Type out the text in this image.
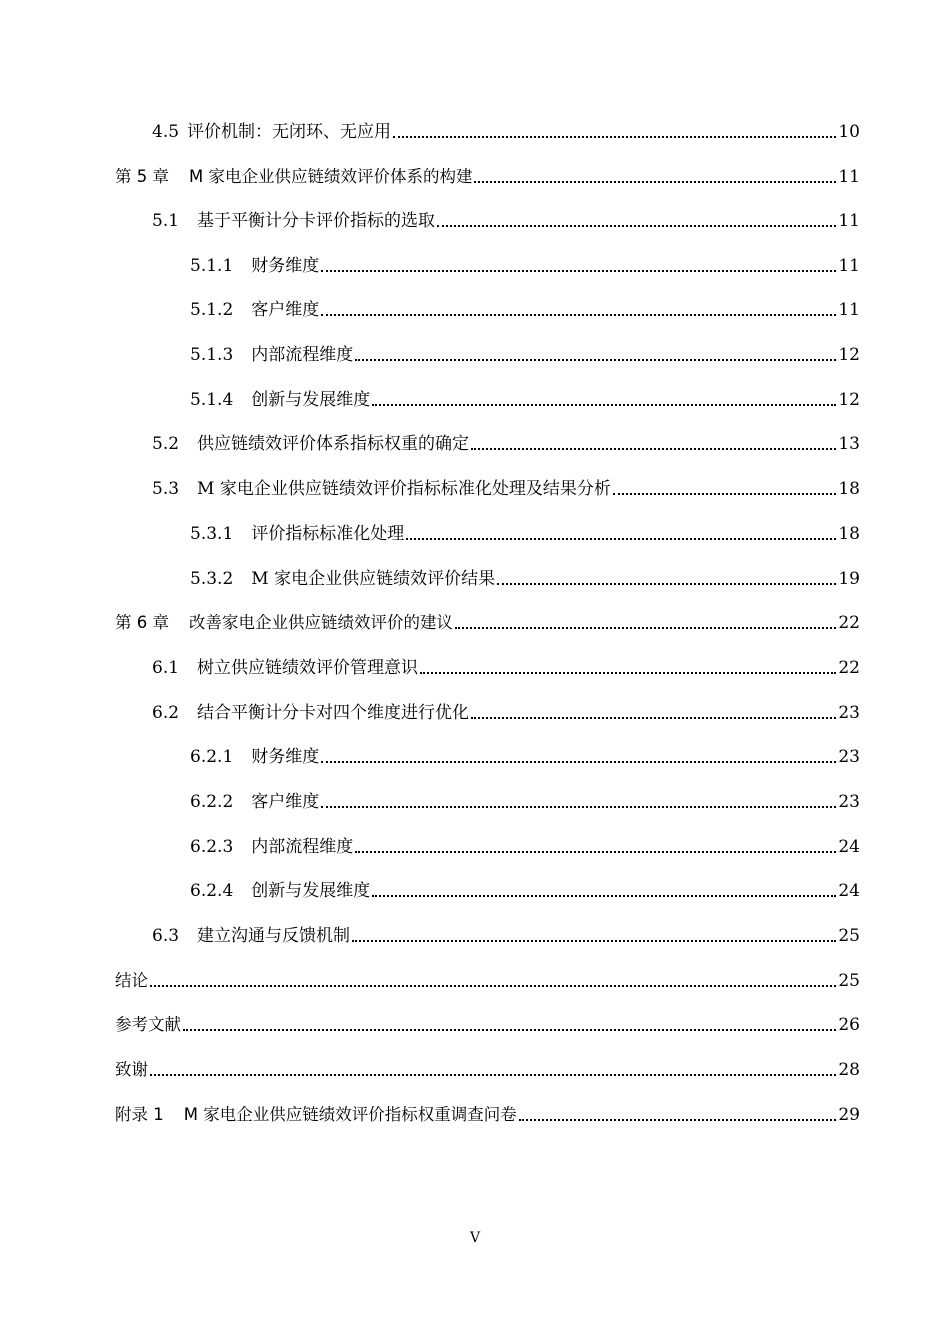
4.5 评价机制：无闭环、无应用	10
第 5 章 M 家电企业供应链绩效评价体系的构建	11
5.1 基于平衡计分卡评价指标的选取	11
5.1.1 财务维度	11
5.1.2 客户维度	11
5.1.3 内部流程维度	12
5.1.4 创新与发展维度	12
5.2 供应链绩效评价体系指标权重的确定	13
5.3 M 家电企业供应链绩效评价指标标准化处理及结果分析	18
5.3.1 评价指标标准化处理	18
5.3.2 M 家电企业供应链绩效评价结果	19
第 6 章 改善家电企业供应链绩效评价的建议	22
6.1 树立供应链绩效评价管理意识	22
6.2 结合平衡计分卡对四个维度进行优化	23
6.2.1 财务维度	23
6.2.2 客户维度	23
6.2.3 内部流程维度	24
6.2.4 创新与发展维度	24
6.3 建立沟通与反馈机制	25
结论	25
参考文献	26
致谢	28
附录 1 M 家电企业供应链绩效评价指标权重调查问卷	29
V
